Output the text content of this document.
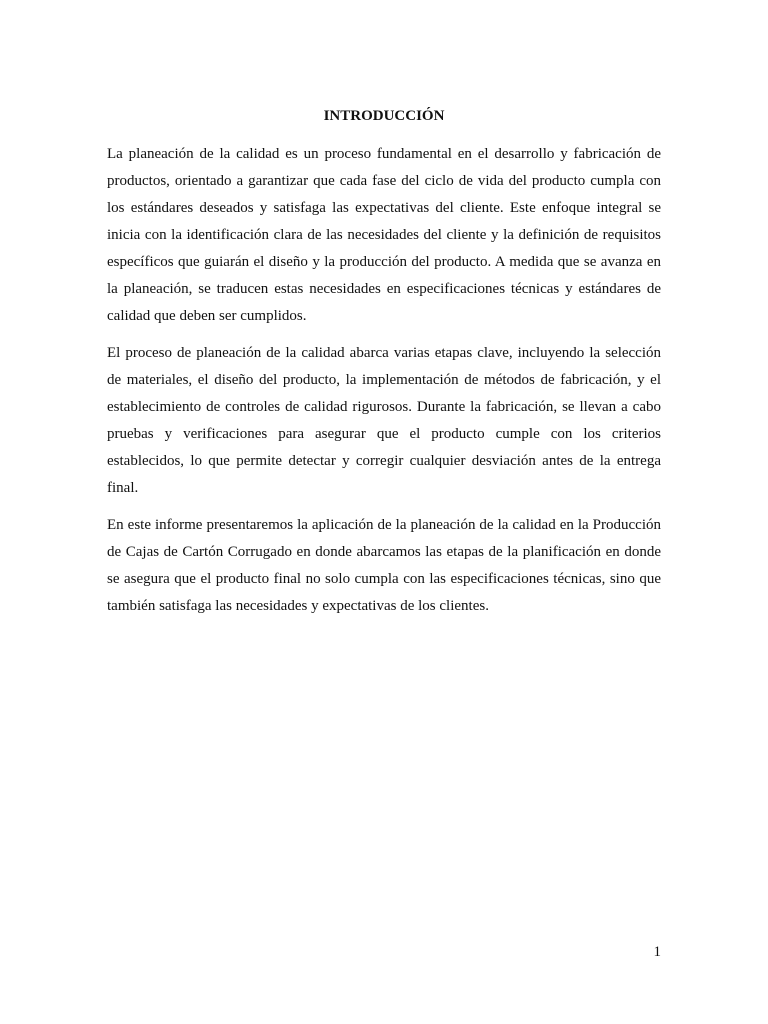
INTRODUCCIÓN

La planeación de la calidad es un proceso fundamental en el desarrollo y fabricación de productos, orientado a garantizar que cada fase del ciclo de vida del producto cumpla con los estándares deseados y satisfaga las expectativas del cliente. Este enfoque integral se inicia con la identificación clara de las necesidades del cliente y la definición de requisitos específicos que guiarán el diseño y la producción del producto. A medida que se avanza en la planeación, se traducen estas necesidades en especificaciones técnicas y estándares de calidad que deben ser cumplidos.

El proceso de planeación de la calidad abarca varias etapas clave, incluyendo la selección de materiales, el diseño del producto, la implementación de métodos de fabricación, y el establecimiento de controles de calidad rigurosos. Durante la fabricación, se llevan a cabo pruebas y verificaciones para asegurar que el producto cumple con los criterios establecidos, lo que permite detectar y corregir cualquier desviación antes de la entrega final.

En este informe presentaremos la aplicación de la planeación de la calidad en la Producción de Cajas de Cartón Corrugado en donde abarcamos las etapas de la planificación en donde se asegura que el producto final no solo cumpla con las especificaciones técnicas, sino que también satisfaga las necesidades y expectativas de los clientes.

1
